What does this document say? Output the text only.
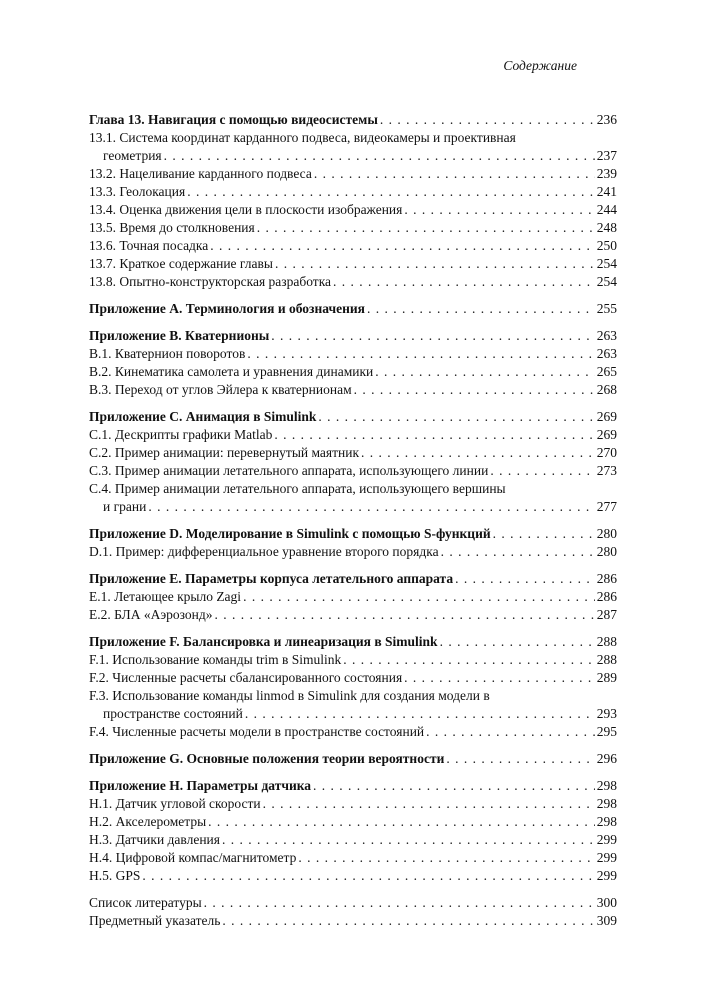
Содержание
Глава 13. Навигация с помощью видеосистемы . . .	236
13.1. Система координат карданного подвеса, видеокамеры и проективная
геометрия . . .	237
13.2. Нацеливание карданного подвеса . . .	239
13.3. Геолокация . . .	241
13.4. Оценка движения цели в плоскости изображения . . .	244
13.5. Время до столкновения . . .	248
13.6. Точная посадка . . .	250
13.7. Краткое содержание главы . . .	254
13.8. Опытно-конструкторская разработка . . .	254
Приложение A. Терминология и обозначения . . .	255
Приложение B. Кватернионы . . .	263
B.1. Кватернион поворотов . . .	263
B.2. Кинематика самолета и уравнения динамики . . .	265
B.3. Переход от углов Эйлера к кватернионам . . .	268
Приложение C. Анимация в Simulink . . .	269
C.1. Дескрипты графики Matlab . . .	269
C.2. Пример анимации: перевернутый маятник . . .	270
C.3. Пример анимации летательного аппарата, использующего линии . . .	273
C.4. Пример анимации летательного аппарата, использующего вершины
и грани . . .	277
Приложение D. Моделирование в Simulink с помощью S-функций . . .	280
D.1. Пример: дифференциальное уравнение второго порядка . . .	280
Приложение E. Параметры корпуса летательного аппарата . . .	286
E.1. Летающее крыло Zagi . . .	286
E.2. БЛА «Аэрозонд» . . .	287
Приложение F. Балансировка и линеаризация в Simulink . . .	288
F.1. Использование команды trim в Simulink . . .	288
F.2. Численные расчеты сбалансированного состояния . . .	289
F.3. Использование команды linmod в Simulink для создания модели в
пространстве состояний . . .	293
F.4. Численные расчеты модели в пространстве состояний . . .	295
Приложение G. Основные положения теории вероятности . . .	296
Приложение H. Параметры датчика . . .	298
H.1. Датчик угловой скорости . . .	298
H.2. Акселерометры . . .	298
H.3. Датчики давления . . .	299
H.4. Цифровой компас/магнитометр . . .	299
H.5. GPS . . .	299
Список литературы . . .	300
Предметный указатель . . .	309
